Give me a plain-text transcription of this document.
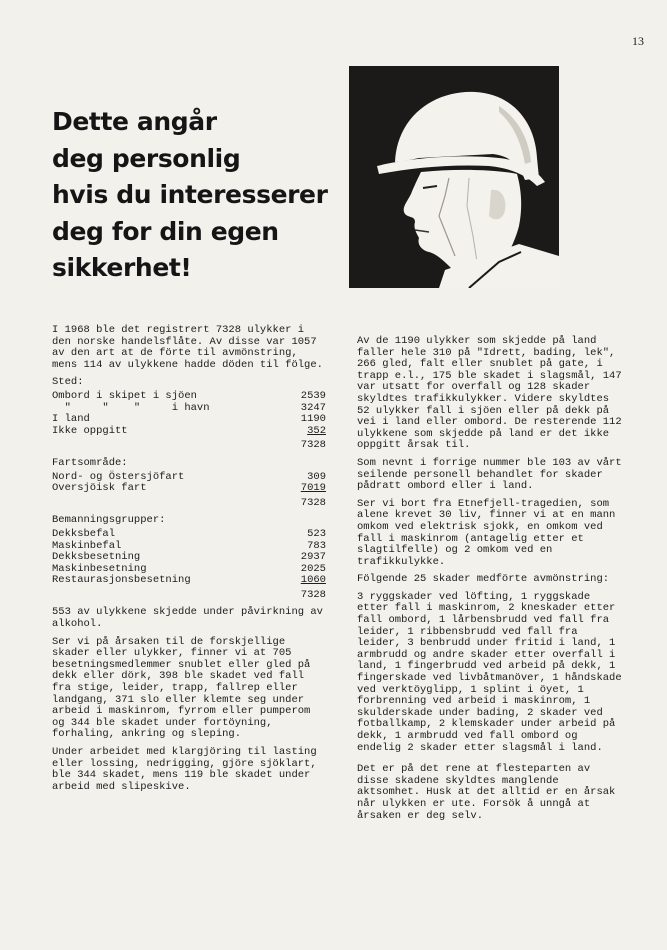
13
Dette angår
deg personlig
hvis du interesserer
deg for din egen
sikkerhet!
I 1968 ble det registrert 7328 ulykker i den norske handelsflåte. Av disse var 1057 av den art at de förte til avmönstring, mens 114 av ulykkene hadde döden til fölge.
Sted:
Ombord i skipet i sjöen	2539
"     "    "     i havn	3247
I land	1190
Ikke oppgitt	352
7328
Fartsområde:
Nord- og Östersjöfart	309
Oversjöisk fart	7019
7328
Bemanningsgrupper:
Dekksbefal	523
Maskinbefal	783
Dekksbesetning	2937
Maskinbesetning	2025
Restaurasjonsbesetning	1060
7328
553 av ulykkene skjedde under påvirkning av alkohol.
Ser vi på årsaken til de forskjellige skader eller ulykker, finner vi at 705 besetningsmedlemmer snublet eller gled på dekk eller dörk, 398 ble skadet ved fall fra stige, leider, trapp, fallrep eller landgang, 371 slo eller klemte seg under arbeid i maskinrom, fyrrom eller pumperom og 344 ble skadet under fortöyning, forhaling, ankring og sleping.
Under arbeidet med klargjöring til lasting eller lossing, nedrigging, gjöre sjöklart, ble 344 skadet, mens 119 ble skadet under arbeid med slipeskive.
Av de 1190 ulykker som skjedde på land faller hele 310 på "Idrett, bading, lek", 266 gled, falt eller snublet på gate, i trapp e.l., 175 ble skadet i slagsmål, 147 var utsatt for overfall og 128 skader skyldtes trafikkulykker. Videre skyldtes 52 ulykker fall i sjöen eller på dekk på vei i land eller ombord. De resterende 112 ulykkene som skjedde på land er det ikke oppgitt årsak til.
Som nevnt i forrige nummer ble 103 av vårt seilende personell behandlet for skader pådratt ombord eller i land.
Ser vi bort fra Etnefjell-tragedien, som alene krevet 30 liv, finner vi at en mann omkom ved elektrisk sjokk, en omkom ved fall i maskinrom (antagelig etter et slagtilfelle) og 2 omkom ved en trafikkulykke.
Fölgende 25 skader medförte avmönstring:
3 ryggskader ved löfting, 1 ryggskade etter fall i maskinrom, 2 kneskader etter fall ombord, 1 lårbensbrudd ved fall fra leider, 1 ribbensbrudd ved fall fra leider, 3 benbrudd under fritid i land, 1 armbrudd og andre skader etter overfall i land, 1 fingerbrudd ved arbeid på dekk, 1 fingerskade ved livbåtmanöver, 1 håndskade ved verktöyglipp, 1 splint i öyet, 1 forbrenning ved arbeid i maskinrom, 1 skulderskade under bading, 2 skader ved fotballkamp, 2 klemskader under arbeid på dekk, 1 armbrudd ved fall ombord og endelig 2 skader etter slagsmål i land.
Det er på det rene at flesteparten av disse skadene skyldtes manglende aktsomhet. Husk at det alltid er en årsak når ulykken er ute. Forsök å unngå at årsaken er deg selv.
